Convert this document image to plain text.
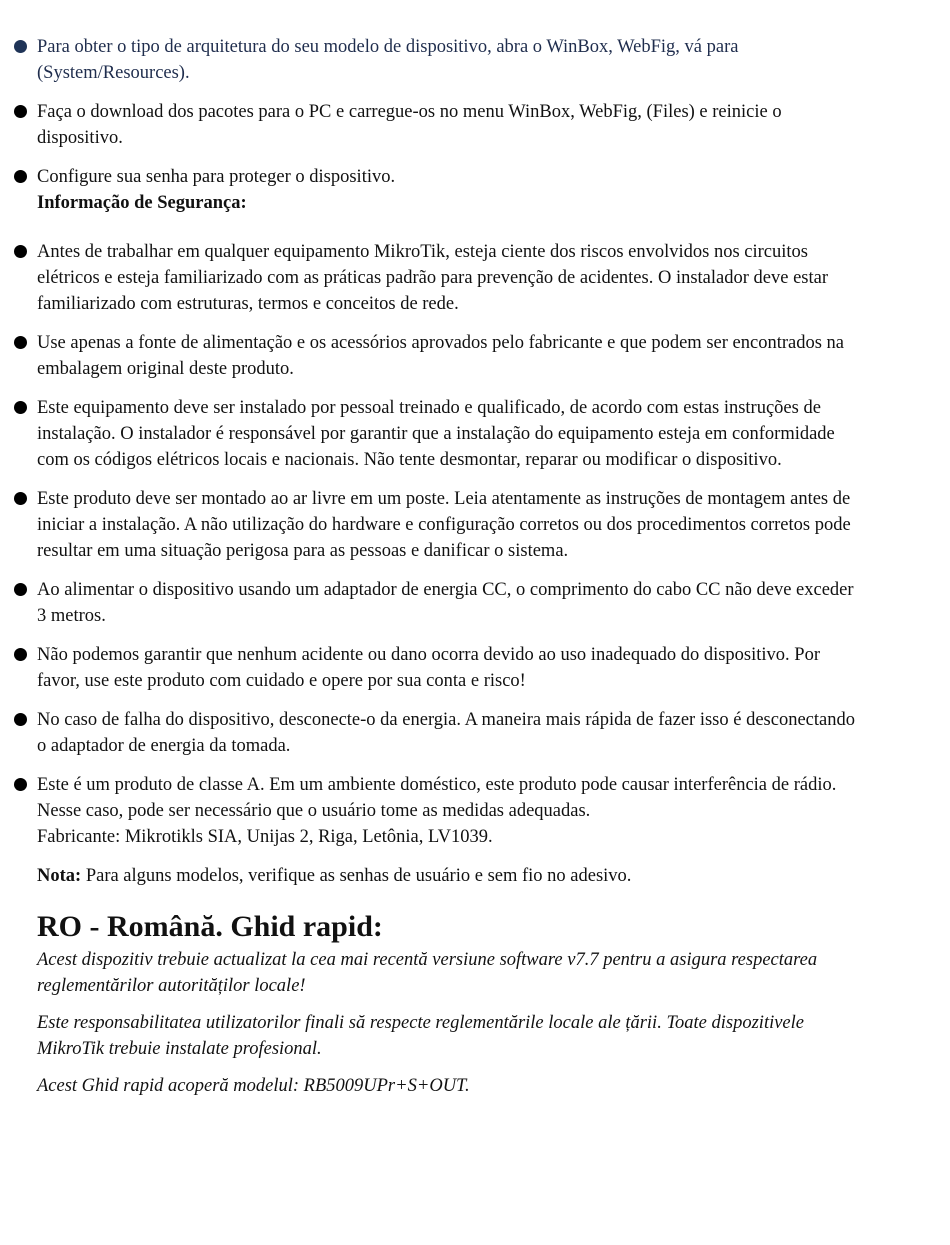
Para obter o tipo de arquitetura do seu modelo de dispositivo, abra o WinBox, WebFig, vá para (System/Resources).
Faça o download dos pacotes para o PC e carregue-os no menu WinBox, WebFig, (Files) e reinicie o dispositivo.
Configure sua senha para proteger o dispositivo.
Informação de Segurança:
Antes de trabalhar em qualquer equipamento MikroTik, esteja ciente dos riscos envolvidos nos circuitos elétricos e esteja familiarizado com as práticas padrão para prevenção de acidentes. O instalador deve estar familiarizado com estruturas, termos e conceitos de rede.
Use apenas a fonte de alimentação e os acessórios aprovados pelo fabricante e que podem ser encontrados na embalagem original deste produto.
Este equipamento deve ser instalado por pessoal treinado e qualificado, de acordo com estas instruções de instalação. O instalador é responsável por garantir que a instalação do equipamento esteja em conformidade com os códigos elétricos locais e nacionais. Não tente desmontar, reparar ou modificar o dispositivo.
Este produto deve ser montado ao ar livre em um poste. Leia atentamente as instruções de montagem antes de iniciar a instalação. A não utilização do hardware e configuração corretos ou dos procedimentos corretos pode resultar em uma situação perigosa para as pessoas e danificar o sistema.
Ao alimentar o dispositivo usando um adaptador de energia CC, o comprimento do cabo CC não deve exceder 3 metros.
Não podemos garantir que nenhum acidente ou dano ocorra devido ao uso inadequado do dispositivo. Por favor, use este produto com cuidado e opere por sua conta e risco!
No caso de falha do dispositivo, desconecte-o da energia. A maneira mais rápida de fazer isso é desconectando o adaptador de energia da tomada.
Este é um produto de classe A. Em um ambiente doméstico, este produto pode causar interferência de rádio. Nesse caso, pode ser necessário que o usuário tome as medidas adequadas.
Fabricante: Mikrotikls SIA, Unijas 2, Riga, Letônia, LV1039.

Nota: Para alguns modelos, verifique as senhas de usuário e sem fio no adesivo.

RO - Română. Ghid rapid:

Acest dispozitiv trebuie actualizat la cea mai recentă versiune software v7.7 pentru a asigura respectarea reglementărilor autorităților locale!

Este responsabilitatea utilizatorilor finali să respecte reglementările locale ale țării. Toate dispozitivele MikroTik trebuie instalate profesional.

Acest Ghid rapid acoperă modelul: RB5009UPr+S+OUT.
